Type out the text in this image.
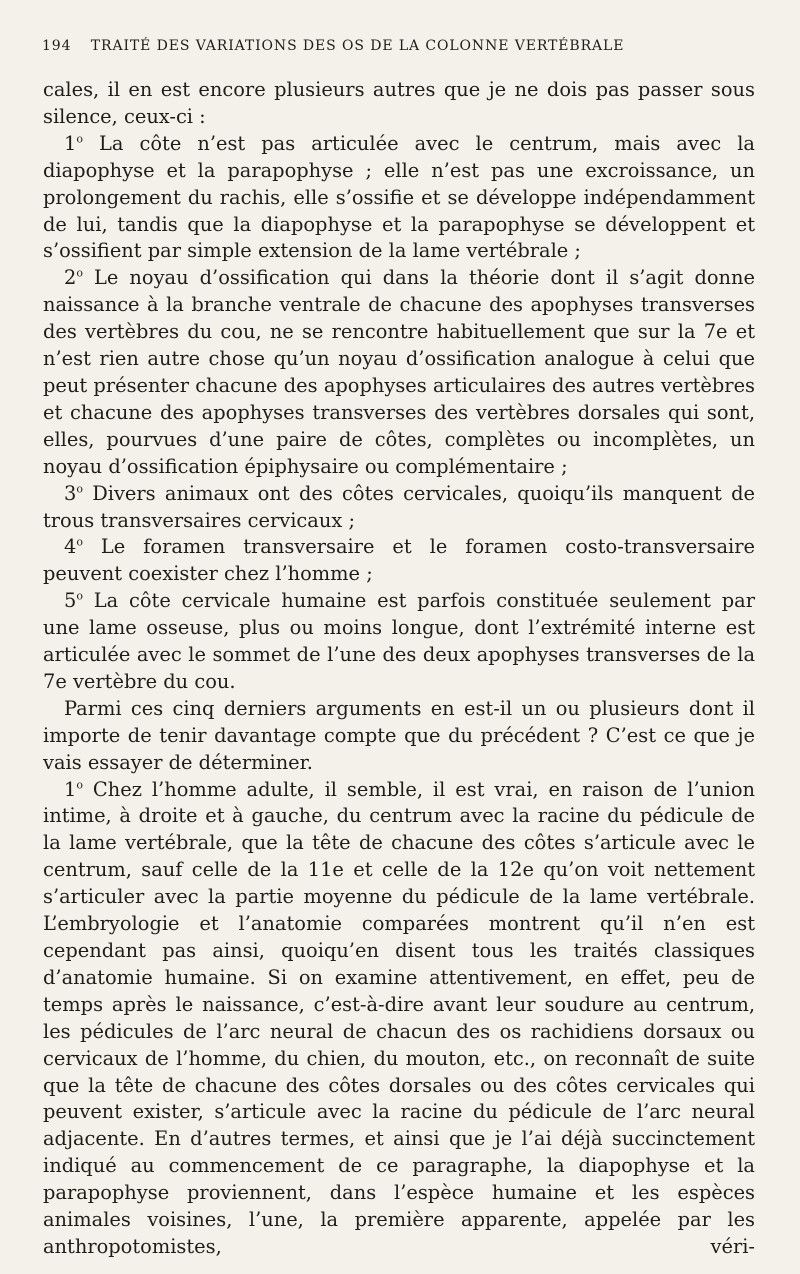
194 TRAITÉ DES VARIATIONS DES OS DE LA COLONNE VERTÉBRALE

cales, il en est encore plusieurs autres que je ne dois pas passer sous silence, ceux-ci :

1$^o$ La côte n’est pas articulée avec le centrum, mais avec la diapophyse et la parapophyse ; elle n’est pas une excroissance, un prolongement du rachis, elle s’ossifie et se développe indépendamment de lui, tandis que la diapophyse et la parapophyse se développent et s’ossifient par simple extension de la lame vertébrale ;

2$^o$ Le noyau d’ossification qui dans la théorie dont il s’agit donne naissance à la branche ventrale de chacune des apophyses transverses des vertèbres du cou, ne se rencontre habituellement que sur la 7e et n’est rien autre chose qu’un noyau d’ossification analogue à celui que peut présenter chacune des apophyses articulaires des autres vertèbres et chacune des apophyses transverses des vertèbres dorsales qui sont, elles, pourvues d’une paire de côtes, complètes ou incomplètes, un noyau d’ossification épiphysaire ou complémentaire ;

3$^o$ Divers animaux ont des côtes cervicales, quoiqu’ils manquent de trous transversaires cervicaux ;

4$^o$ Le foramen transversaire et le foramen costo-transversaire peuvent coexister chez l’homme ;

5$^o$ La côte cervicale humaine est parfois constituée seulement par une lame osseuse, plus ou moins longue, dont l’extrémité interne est articulée avec le sommet de l’une des deux apophyses transverses de la 7e vertèbre du cou.

Parmi ces cinq derniers arguments en est-il un ou plusieurs dont il importe de tenir davantage compte que du précédent ? C’est ce que je vais essayer de déterminer.

1$^o$ Chez l’homme adulte, il semble, il est vrai, en raison de l’union intime, à droite et à gauche, du centrum avec la racine du pédicule de la lame vertébrale, que la tête de chacune des côtes s’articule avec le centrum, sauf celle de la 11e et celle de la 12e qu’on voit nettement s’articuler avec la partie moyenne du pédicule de la lame vertébrale. L’embryologie et l’anatomie comparées montrent qu’il n’en est cependant pas ainsi, quoiqu’en disent tous les traités classiques d’anatomie humaine. Si on examine attentivement, en effet, peu de temps après le naissance, c’est-à-dire avant leur soudure au centrum, les pédicules de l’arc neural de chacun des os rachidiens dorsaux ou cervicaux de l’homme, du chien, du mouton, etc., on reconnaît de suite que la tête de chacune des côtes dorsales ou des côtes cervicales qui peuvent exister, s’articule avec la racine du pédicule de l’arc neural adjacente. En d’autres termes, et ainsi que je l’ai déjà succinctement indiqué au commencement de ce paragraphe, la diapophyse et la parapophyse proviennent, dans l’espèce humaine et les espèces animales voisines, l’une, la première apparente, appelée par les anthropotomistes, véri-
